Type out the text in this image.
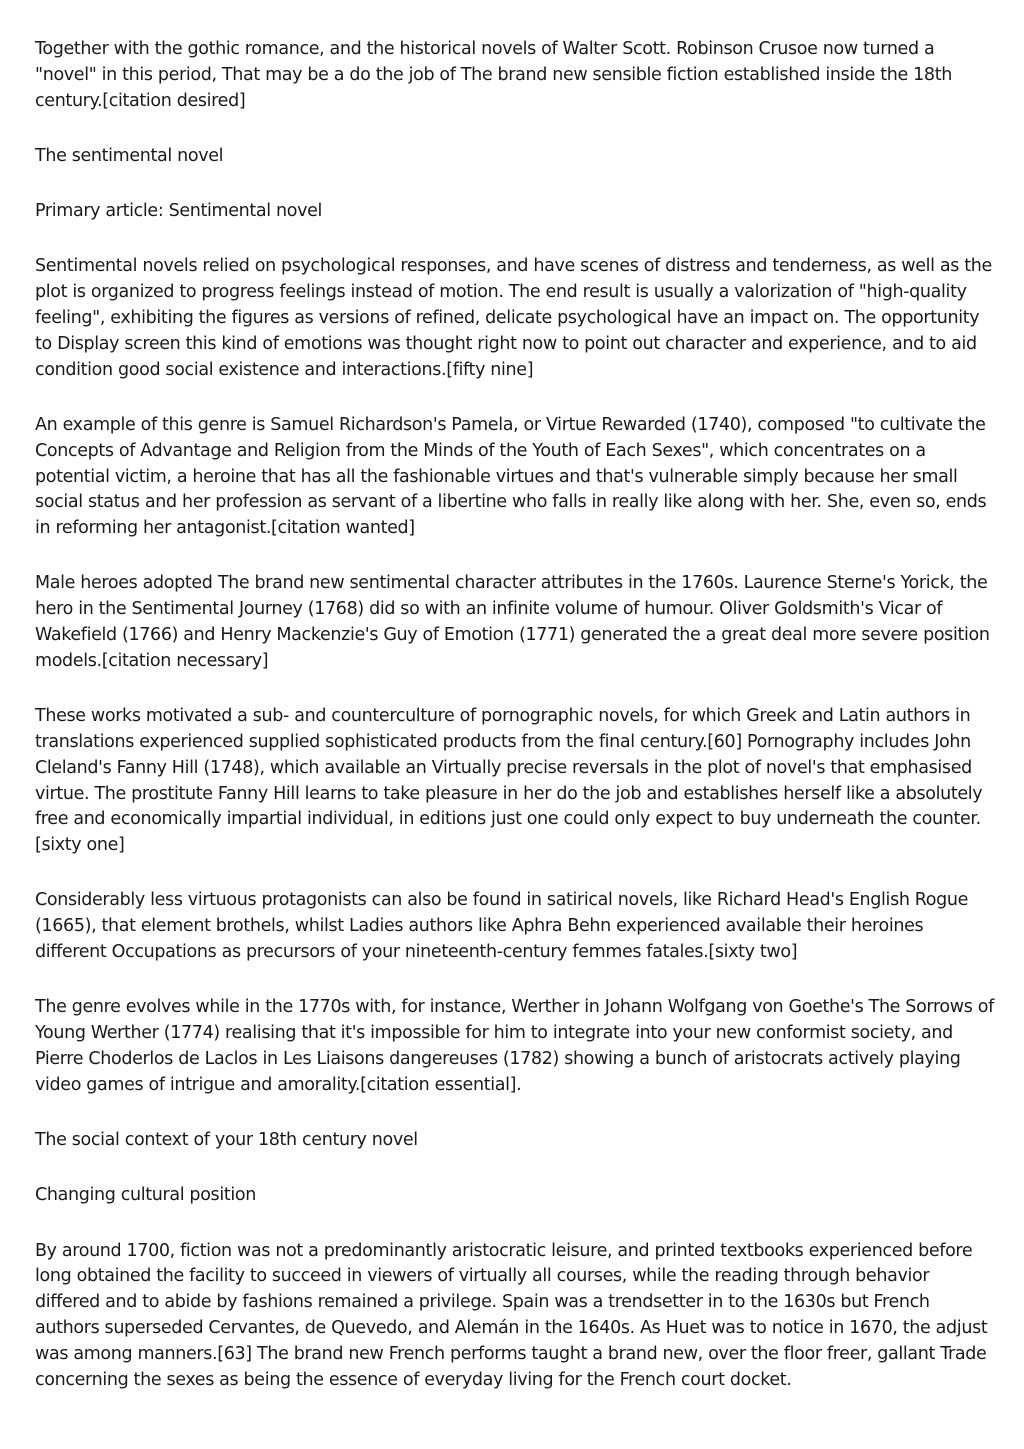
Together with the gothic romance, and the historical novels of Walter Scott. Robinson Crusoe now turned a "novel" in this period, That may be a do the job of The brand new sensible fiction established inside the 18th century.[citation desired]

The sentimental novel

Primary article: Sentimental novel

Sentimental novels relied on psychological responses, and have scenes of distress and tenderness, as well as the plot is organized to progress feelings instead of motion. The end result is usually a valorization of "high-quality feeling", exhibiting the figures as versions of refined, delicate psychological have an impact on. The opportunity to Display screen this kind of emotions was thought right now to point out character and experience, and to aid condition good social existence and interactions.[fifty nine]

An example of this genre is Samuel Richardson's Pamela, or Virtue Rewarded (1740), composed "to cultivate the Concepts of Advantage and Religion from the Minds of the Youth of Each Sexes", which concentrates on a potential victim, a heroine that has all the fashionable virtues and that's vulnerable simply because her small social status and her profession as servant of a libertine who falls in really like along with her. She, even so, ends in reforming her antagonist.[citation wanted]

Male heroes adopted The brand new sentimental character attributes in the 1760s. Laurence Sterne's Yorick, the hero in the Sentimental Journey (1768) did so with an infinite volume of humour. Oliver Goldsmith's Vicar of Wakefield (1766) and Henry Mackenzie's Guy of Emotion (1771) generated the a great deal more severe position models.[citation necessary]

These works motivated a sub- and counterculture of pornographic novels, for which Greek and Latin authors in translations experienced supplied sophisticated products from the final century.[60] Pornography includes John Cleland's Fanny Hill (1748), which available an Virtually precise reversals in the plot of novel's that emphasised virtue. The prostitute Fanny Hill learns to take pleasure in her do the job and establishes herself like a absolutely free and economically impartial individual, in editions just one could only expect to buy underneath the counter.[sixty one]

Considerably less virtuous protagonists can also be found in satirical novels, like Richard Head's English Rogue (1665), that element brothels, whilst Ladies authors like Aphra Behn experienced available their heroines different Occupations as precursors of your nineteenth-century femmes fatales.[sixty two]

The genre evolves while in the 1770s with, for instance, Werther in Johann Wolfgang von Goethe's The Sorrows of Young Werther (1774) realising that it's impossible for him to integrate into your new conformist society, and Pierre Choderlos de Laclos in Les Liaisons dangereuses (1782) showing a bunch of aristocrats actively playing video games of intrigue and amorality.[citation essential].

The social context of your 18th century novel

Changing cultural position

By around 1700, fiction was not a predominantly aristocratic leisure, and printed textbooks experienced before long obtained the facility to succeed in viewers of virtually all courses, while the reading through behavior differed and to abide by fashions remained a privilege. Spain was a trendsetter in to the 1630s but French authors superseded Cervantes, de Quevedo, and Alemán in the 1640s. As Huet was to notice in 1670, the adjust was among manners.[63] The brand new French performs taught a brand new, over the floor freer, gallant Trade concerning the sexes as being the essence of everyday living for the French court docket.
